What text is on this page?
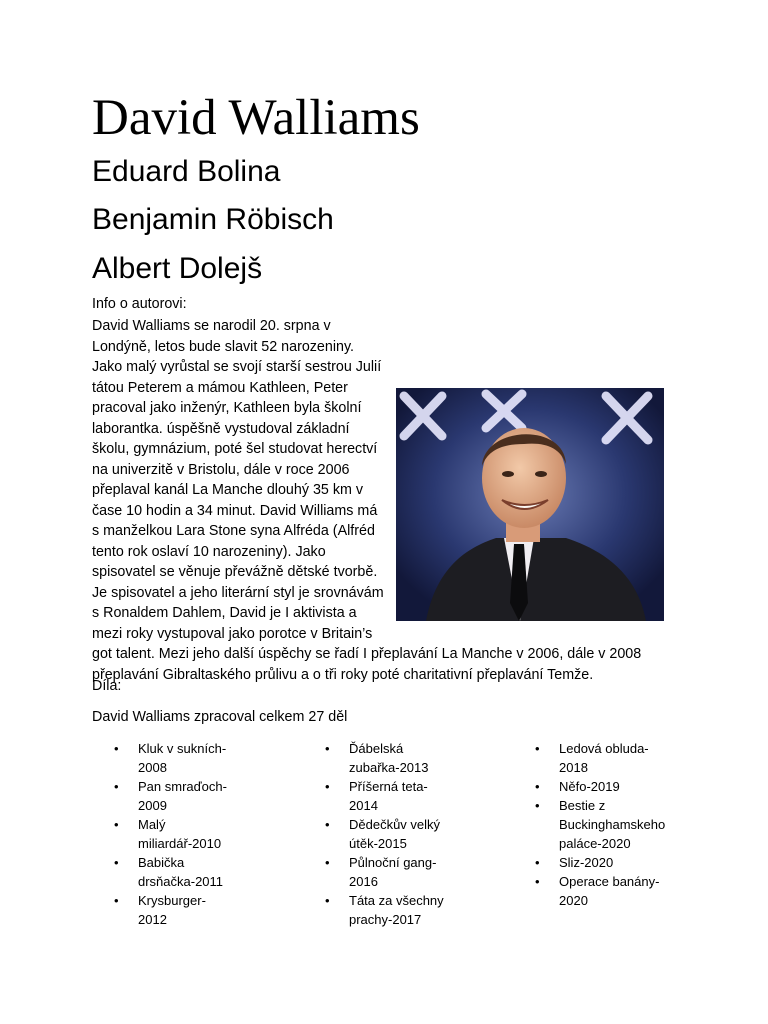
David Walliams
Eduard Bolina
Benjamin Röbisch
Albert Dolejš

Info o autorovi:

David Walliams se narodil 20. srpna v Londýně, letos bude slavit 52 narozeniny. Jako malý vyrůstal se svojí starší sestrou Julií tátou Peterem a mámou Kathleen, Peter pracoval jako inženýr, Kathleen byla školní laborantka. úspěšně vystudoval základní školu, gymnázium, poté šel studovat herectví na univerzitě v Bristolu, dále v roce 2006 přeplaval kanál La Manche dlouhý 35 km v čase 10 hodin a 34 minut. David Williams má s manželkou Lara Stone syna Alfréda (Alfréd tento rok oslaví 10 narozeniny). Jako spisovatel se věnuje převážně dětské tvorbě. Je spisovatel a jeho literární styl je srovnávám s Ronaldem Dahlem, David je I aktivista a mezi roky vystupoval jako porotce v Britain’s got talent. Mezi jeho další úspěchy se řadí I přeplavání La Manche v 2006, dále v 2008 přeplavání Gibraltaského průlivu a o tři roky poté charitativní přeplavání Temže.

Díla:

David Walliams zpracoval celkem 27 děl

• Kluk v sukních-2008
• Pan smraďoch-2009
• Malý miliardář-2010
• Babička drsňačka-2011
• Krysburger-2012
• Ďábelská zubařka-2013
• Příšerná teta-2014
• Dědečkův velký útěk-2015
• Půlnoční gang-2016
• Táta za všechny prachy-2017
• Ledová obluda-2018
• Něfo-2019
• Bestie z Buckinghamskeho paláce-2020
• Sliz-2020
• Operace banány-2020
